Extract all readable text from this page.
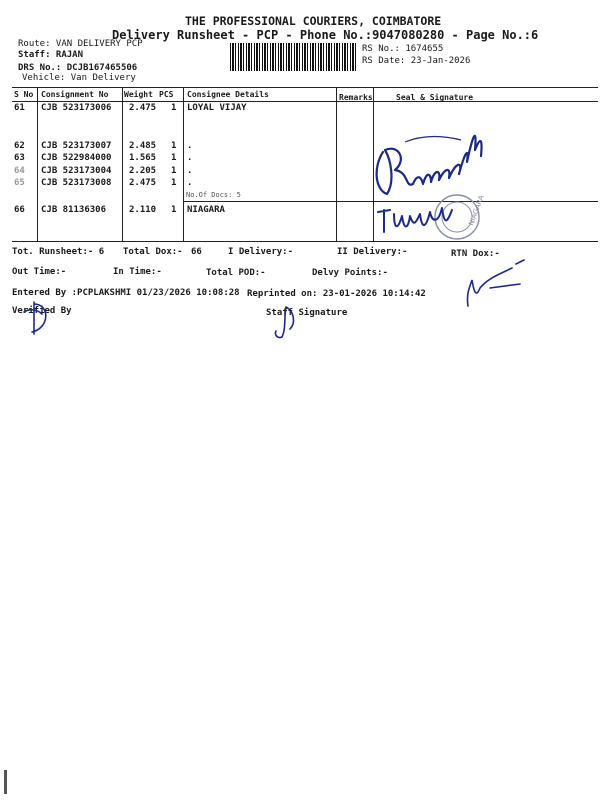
THE PROFESSIONAL COURIERS, COIMBATORE
Delivery Runsheet - PCP - Phone No.:9047080280 - Page No.:6
Route: VAN DELIVERY PCP
Staff: RAJAN
DRS No.: DCJB167465506
Vehicle: Van Delivery
RS No.: 1674655
RS Date: 23-Jan-2026
S No Consignment No Weight PCS Consignee Details	Remarks	Seal & Signature
61 CJB 523173006 2.475 1 LOYAL VIJAY
62 CJB 523173007 2.485 1 .
63 CJB 522984000 1.565 1 .
64 CJB 523173004 2.205 1 .
65 CJB 523173008 2.475 1 .
No.Of Docs: 5
66 CJB 81136306	2.110 1 NIAGARA	NIAGARA
Tot. Runsheet:- 6 Total Dox:- 66	I Delivery:-	II Delivery:-	RTN Dox:-
Out Time:-	In Time:-	Total POD:-	Delvy Points:-
Entered By :PCPLAKSHMI 01/23/2026 10:08:28 Reprinted on: 23-01-2026 10:14:42
Verified By	Staff Signature
